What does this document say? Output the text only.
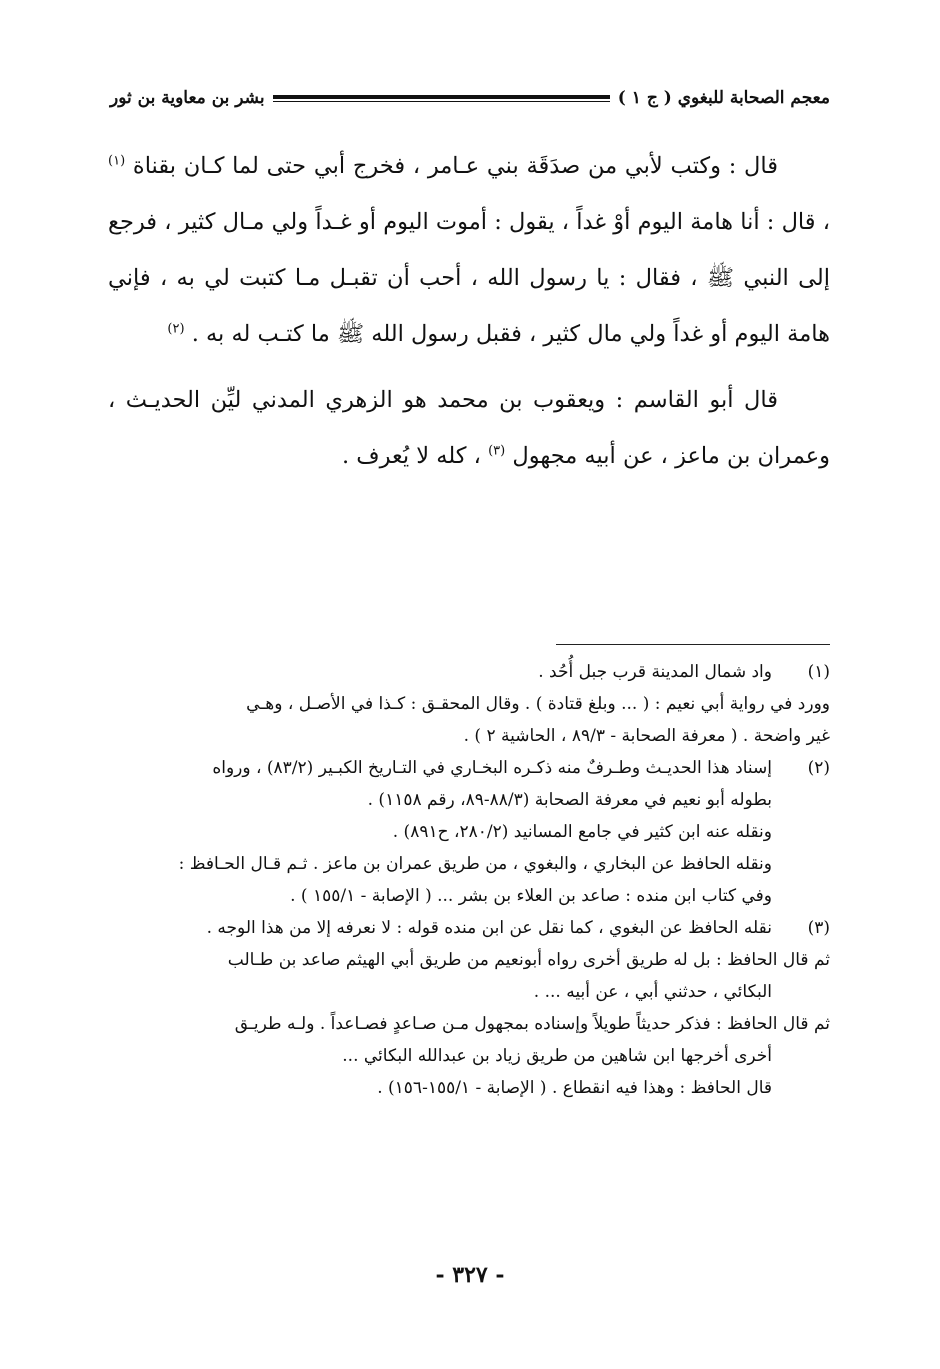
معجم الصحابة للبغوي ( ج ١ )
بشر بن معاوية بن ثور

قال : وكتب لأبي من صدَقَة بني عـامر ، فخرج أبي حتى لما كـان بقناة $^{(١)}$ ، قال : أنا هامة اليوم أوْ غداً ، يقول : أموت اليوم أو غـداً ولي مـال كثير ، فرجع إلى النبي ﷺ ، فقال : يا رسول الله ، أحب أن تقبـل مـا كتبت لي به ، فإني هامة اليوم أو غداً ولي مال كثير ، فقبل رسول الله ﷺ ما كتـب له به . $^{(٢)}$

قال أبو القاسم : ويعقوب بن محمد هو الزهري المدني ليِّن الحديـث ، وعمران بن ماعز ، عن أبيه مجهول $^{(٣)}$ ، كله لا يُعرف .

(١)
واد شمال المدينة قرب جبل أُحُد .
وورد في رواية أبي نعيم : ( ... وبلغ قتادة ) . وقال المحقـق : كـذا في الأصـل ، وهـي
غير واضحة . ( معرفة الصحابة - ٨٩/٣ ، الحاشية ٢ ) .
(٢)
إسناد هذا الحديـث وطـرفٌ منه ذكـره البخـاري في التـاريخ الكبـير (٨٣/٢) ، ورواه
بطوله أبو نعيم في معرفة الصحابة (٨٨/٣-٨٩، رقم ١١٥٨) .
ونقله عنه ابن كثير في جامع المسانيد (٢٨٠/٢، ح٨٩١) .
ونقله الحافظ عن البخاري ، والبغوي ، من طريق عمران بن ماعز . ثـم قـال الحـافظ :
وفي كتاب ابن منده : صاعد بن العلاء بن بشر ... ( الإصابة - ١٥٥/١ ) .
(٣)
نقله الحافظ عن البغوي ، كما نقل عن ابن منده قوله : لا نعرفه إلا من هذا الوجه .
ثم قال الحافظ : بل له طريق أخرى رواه أبونعيم من طريق أبي الهيثم صاعد بن طـالب
البكائي ، حدثني أبي ، عن أبيه ... .
ثم قال الحافظ : فذكر حديثاً طويلاً وإسناده بمجهول مـن صـاعدٍ فصـاعداً . ولـه طريـق
أخرى أخرجها ابن شاهين من طريق زياد بن عبدالله البكائي ...
قال الحافظ : وهذا فيه انقطاع . ( الإصابة - ١٥٥/١-١٥٦) .
- ٣٢٧ -
